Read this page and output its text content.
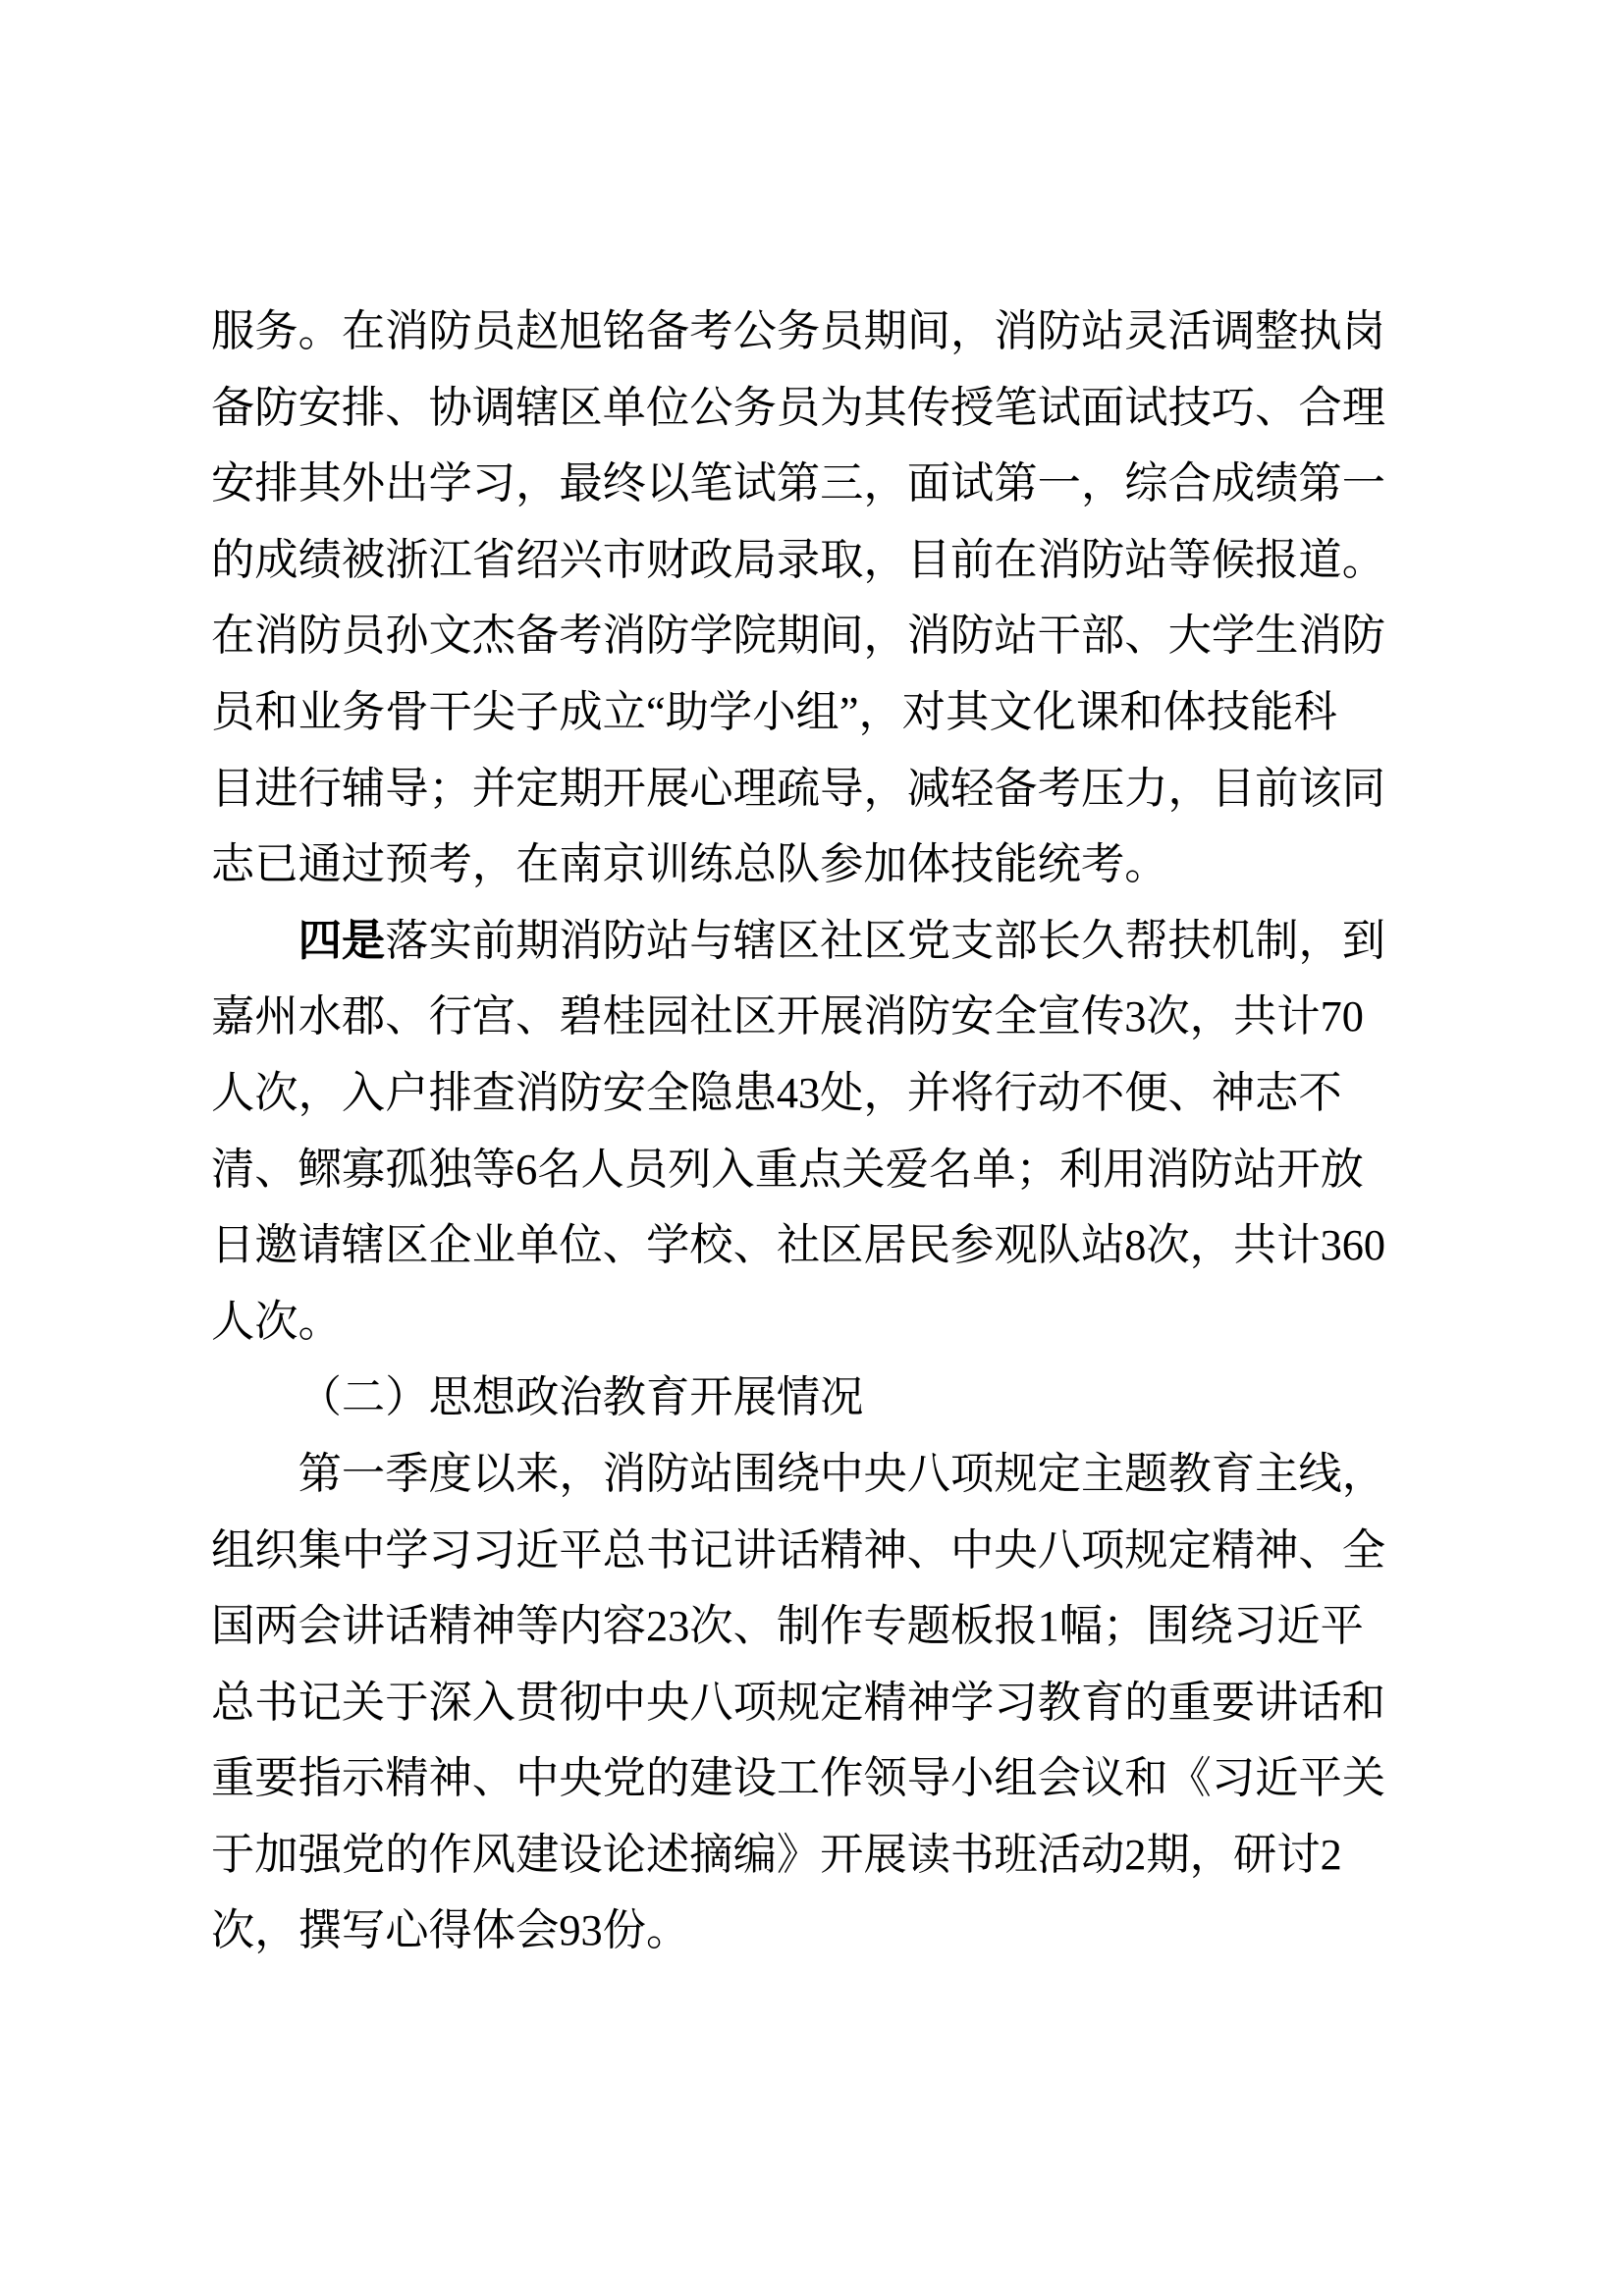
服务。在消防员赵旭铭备考公务员期间，消防站灵活调整执岗
备防安排、协调辖区单位公务员为其传授笔试面试技巧、合理
安排其外出学习，最终以笔试第三，面试第一，综合成绩第一
的成绩被浙江省绍兴市财政局录取，目前在消防站等候报道。
在消防员孙文杰备考消防学院期间，消防站干部、大学生消防
员和业务骨干尖子成立“助学小组”，对其文化课和体技能科
目进行辅导；并定期开展心理疏导，减轻备考压力，目前该同
志已通过预考，在南京训练总队参加体技能统考。
四是落实前期消防站与辖区社区党支部长久帮扶机制，到
嘉州水郡、行宫、碧桂园社区开展消防安全宣传3次，共计70
人次，入户排查消防安全隐患43处，并将行动不便、神志不
清、鳏寡孤独等6名人员列入重点关爱名单；利用消防站开放
日邀请辖区企业单位、学校、社区居民参观队站8次，共计360
人次。
（二）思想政治教育开展情况
第一季度以来，消防站围绕中央八项规定主题教育主线，
组织集中学习习近平总书记讲话精神、中央八项规定精神、全
国两会讲话精神等内容23次、制作专题板报1幅；围绕习近平
总书记关于深入贯彻中央八项规定精神学习教育的重要讲话和
重要指示精神、中央党的建设工作领导小组会议和《习近平关
于加强党的作风建设论述摘编》开展读书班活动2期，研讨2
次，撰写心得体会93份。
